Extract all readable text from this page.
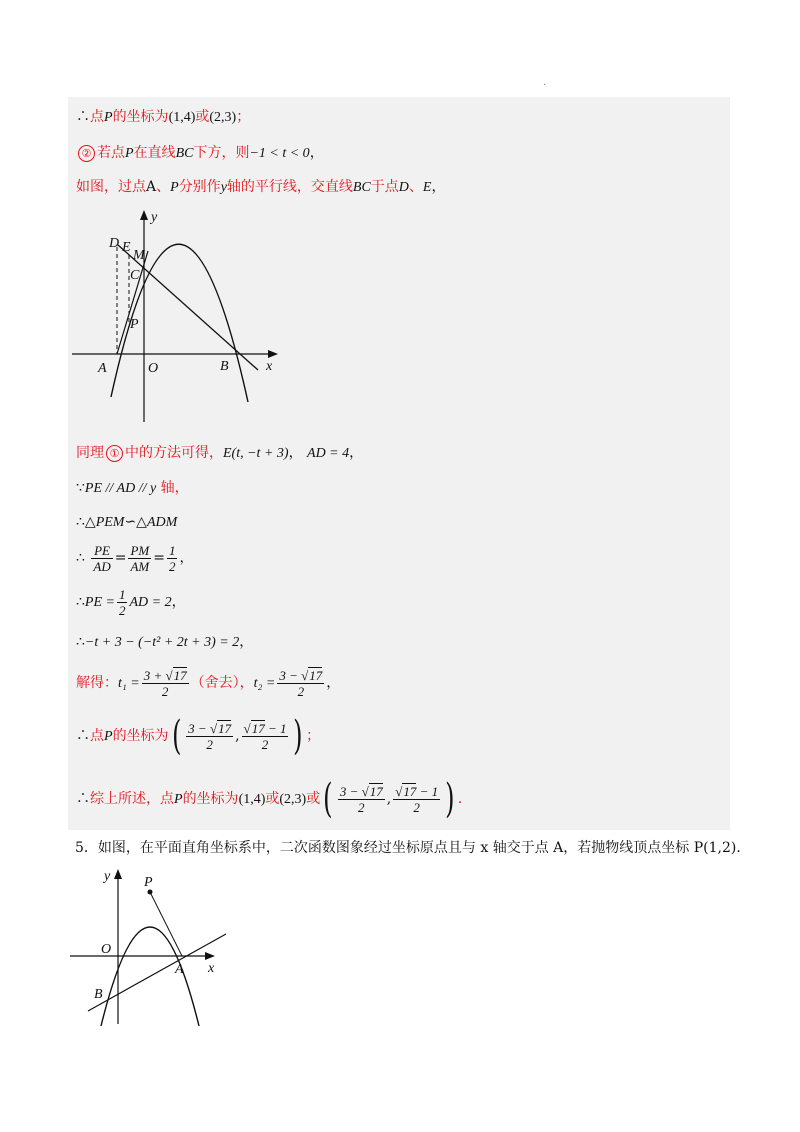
·
∴点P的坐标为(1,4)或(2,3)；
② 若点P在直线BC下方，则−1 < t < 0，
如图，过点A、P分别作y轴的平行线，交直线BC于点D、E，
y
x
O
A	B
D E
M
C
P
同理 ① 中的方法可得，E(t, −t + 3)， AD = 4，
∵PE // AD // y 轴，
∴△PEM∽△ADM
∴ $\frac{PE}{AD} = \frac{PM}{AM} = \frac{1}{2}$ ，
∴PE = $\frac{1}{2}$ AD = 2，
∴−t + 3 − (−t² + 2t + 3) = 2，
解得：$t_1 = \frac{3 + √17}{2}$ （舍去），$t_2 = \frac{3 - √17}{2}$ ，
∴点P的坐标为( $\frac{3 - √17}{2}$ , $\frac{√17 - 1}{2}$ ) ；
∴综上所述，点P的坐标为(1,4)或(2,3)或( $\frac{3 - √17}{2}$ , $\frac{√17 - 1}{2}$ ) .
5．如图，在平面直角坐标系中，二次函数图象经过坐标原点且与 x 轴交于点 A，若抛物线顶点坐标 P(1,2)．
y
x
O
A
B
P
